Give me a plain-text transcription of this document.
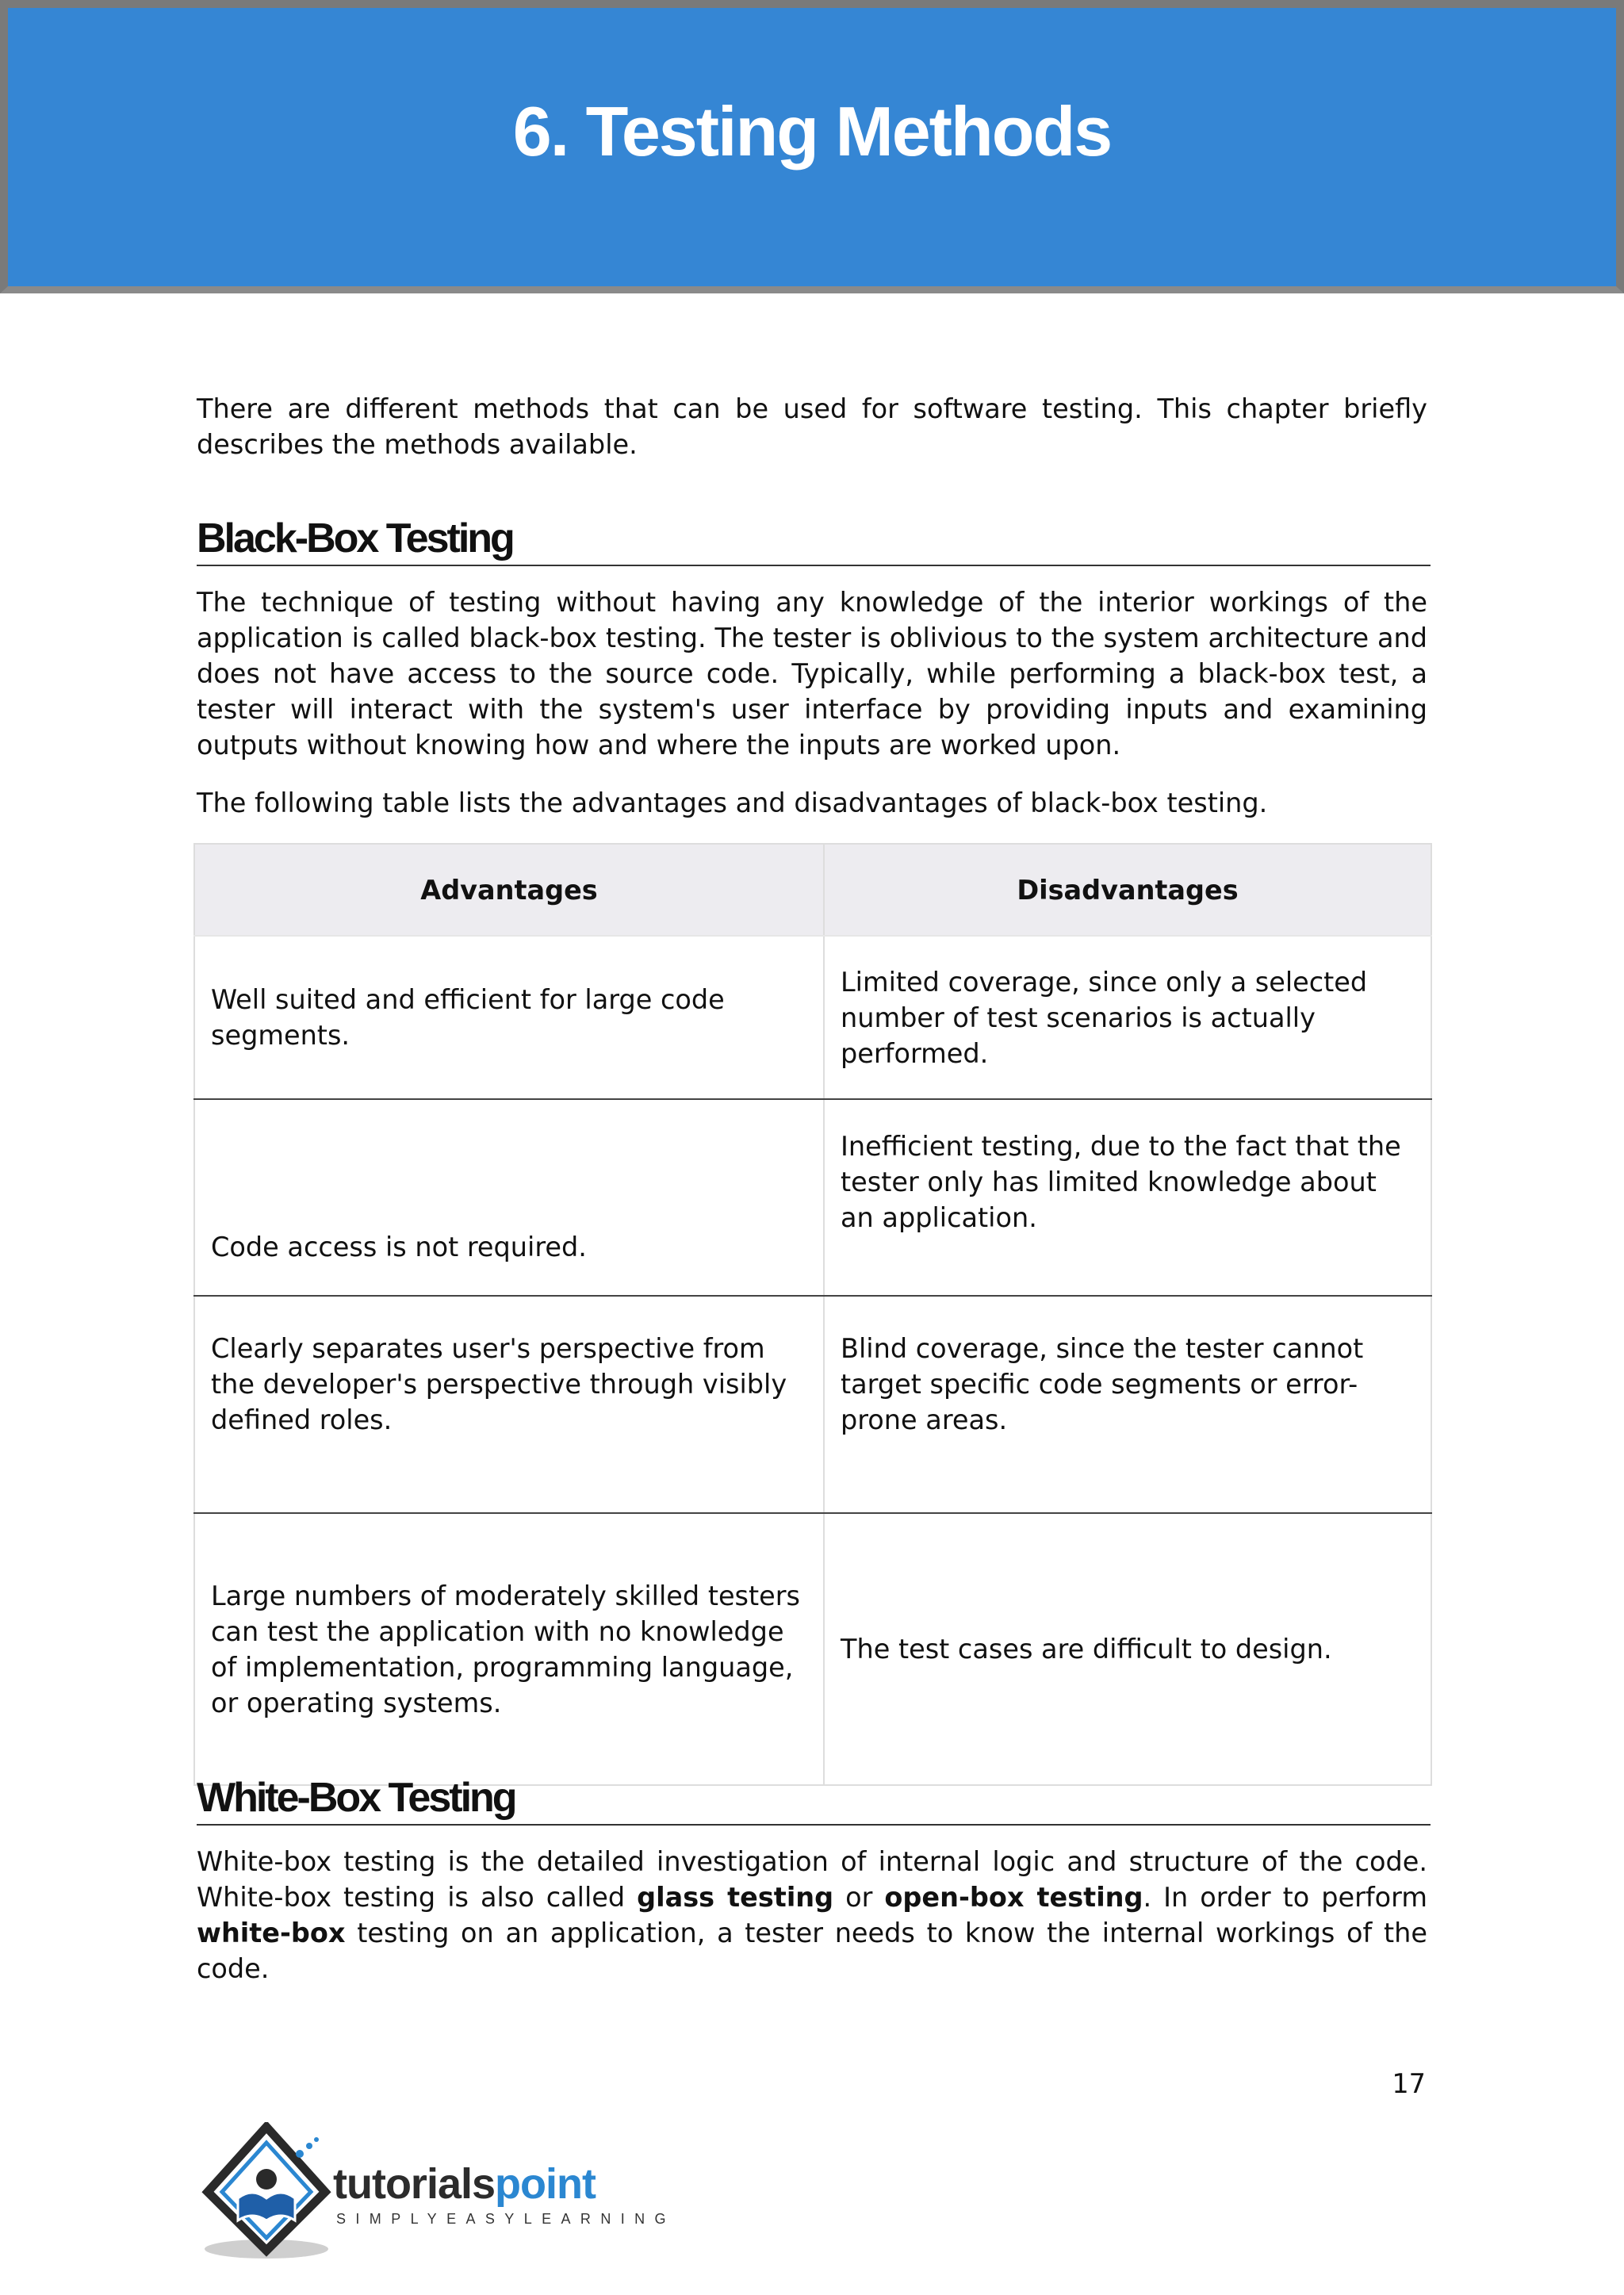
6. Testing Methods

There are different methods that can be used for software testing. This chapter briefly describes the methods available.

Black-Box Testing

The technique of testing without having any knowledge of the interior workings of the application is called black-box testing. The tester is oblivious to the system architecture and does not have access to the source code. Typically, while performing a black-box test, a tester will interact with the system's user interface by providing inputs and examining outputs without knowing how and where the inputs are worked upon.

The following table lists the advantages and disadvantages of black-box testing.

Advantages	Disadvantages
Well suited and efficient for large code segments.	Limited coverage, since only a selected number of test scenarios is actually performed.
Code access is not required.	Inefficient testing, due to the fact that the tester only has limited knowledge about an application.
Clearly separates user's perspective from the developer's perspective through visibly defined roles.	Blind coverage, since the tester cannot target specific code segments or error-prone areas.
Large numbers of moderately skilled testers can test the application with no knowledge of implementation, programming language, or operating systems.	The test cases are difficult to design.
White-Box Testing

White-box testing is the detailed investigation of internal logic and structure of the code. White-box testing is also called glass testing or open-box testing. In order to perform white-box testing on an application, a tester needs to know the internal workings of the code.

17
tutorialspoint
SIMPLYEASYLEARNING
